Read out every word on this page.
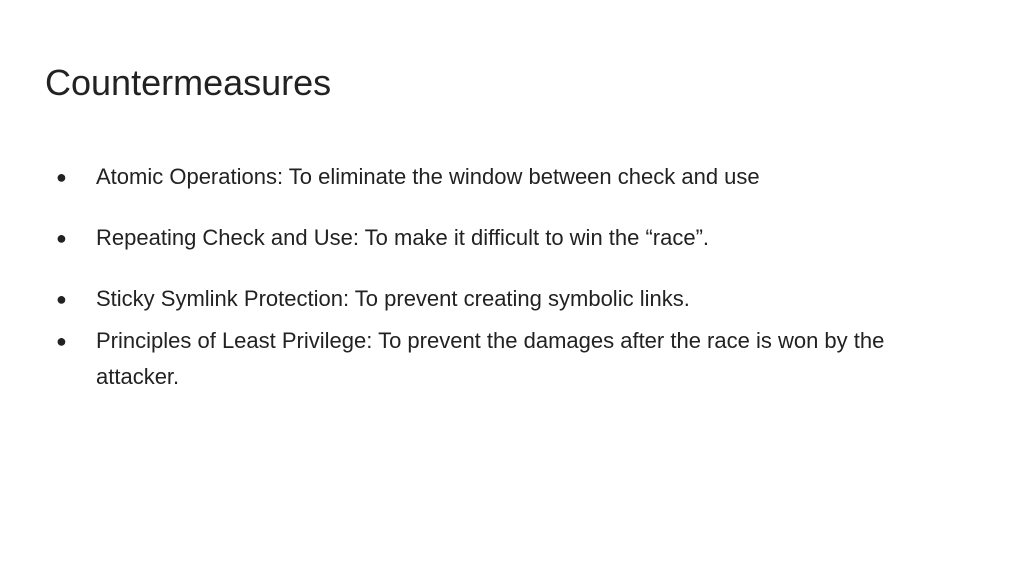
Countermeasures
● Atomic Operations: To eliminate the window between check and use
● Repeating Check and Use: To make it difficult to win the “race”.
● Sticky Symlink Protection: To prevent creating symbolic links.
● Principles of Least Privilege: To prevent the damages after the race is won by the attacker.
